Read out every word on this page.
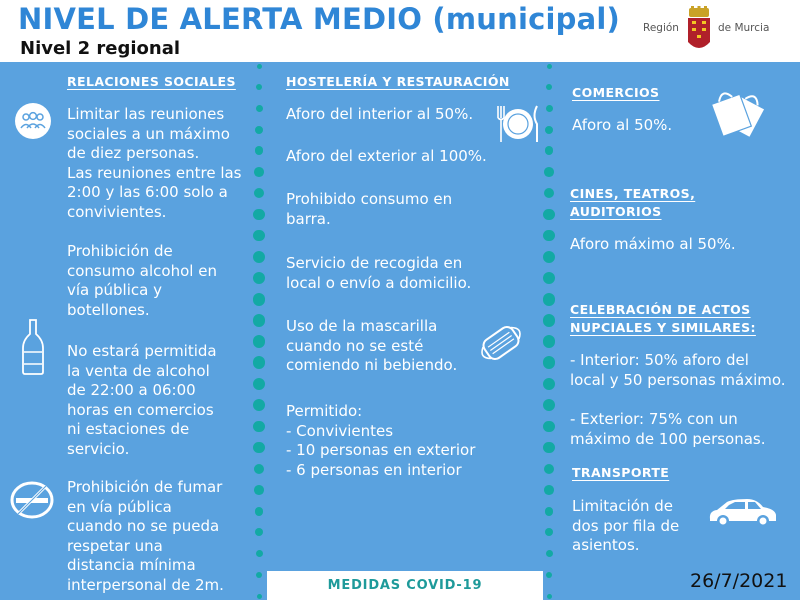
NIVEL DE ALERTA MEDIO (municipal)
Nivel 2 regional
Región	de Murcia
RELACIONES SOCIALES
Limitar las reuniones
sociales a un máximo
de diez personas.
Las reuniones entre las
2:00 y las 6:00 solo a
convivientes.
Prohibición de
consumo alcohol en
vía pública y
botellones.
No estará permitida
la venta de alcohol
de 22:00 a 06:00
horas en comercios
ni estaciones de
servicio.
Prohibición de fumar
en vía pública
cuando no se pueda
respetar una
distancia mínima
interpersonal de 2m.
HOSTELERÍA Y RESTAURACIÓN
Aforo del interior al 50%.
Aforo del exterior al 100%.
Prohibido consumo en
barra.
Servicio de recogida en
local o envío a domicilio.
Uso de la mascarilla
cuando no se esté
comiendo ni bebiendo.
Permitido:
- Convivientes
- 10 personas en exterior
- 6 personas en interior
COMERCIOS
Aforo al 50%.
CINES, TEATROS,
AUDITORIOS
Aforo máximo al 50%.
CELEBRACIÓN DE ACTOS
NUPCIALES Y SIMILARES:
- Interior: 50% aforo del
local y 50 personas máximo.
- Exterior: 75% con un
máximo de 100 personas.
TRANSPORTE
Limitación de
dos por fila de
asientos.
MEDIDAS COVID-19	26/7/2021
